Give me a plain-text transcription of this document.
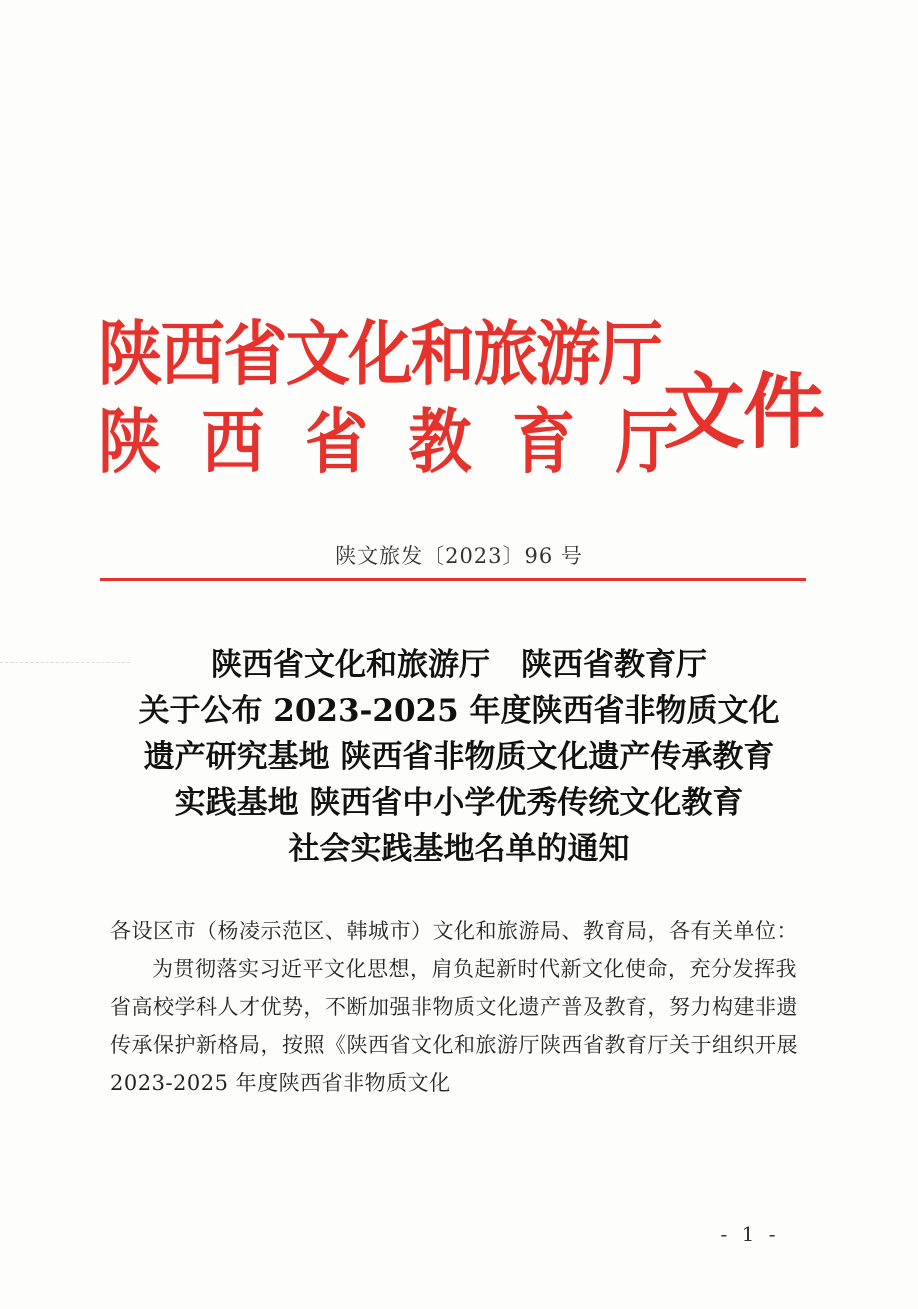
陕西省文化和旅游厅
陕西省教育厅
文件
陕文旅发〔2023〕96 号
陕西省文化和旅游厅　陕西省教育厅
关于公布 2023-2025 年度陕西省非物质文化
遗产研究基地 陕西省非物质文化遗产传承教育
实践基地 陕西省中小学优秀传统文化教育
社会实践基地名单的通知

各设区市（杨凌示范区、韩城市）文化和旅游局、教育局，各有关单位：

为贯彻落实习近平文化思想，肩负起新时代新文化使命，充分发挥我省高校学科人才优势，不断加强非物质文化遗产普及教育，努力构建非遗传承保护新格局，按照《陕西省文化和旅游厅陕西省教育厅关于组织开展 2023-2025 年度陕西省非物质文化

- 1 -
